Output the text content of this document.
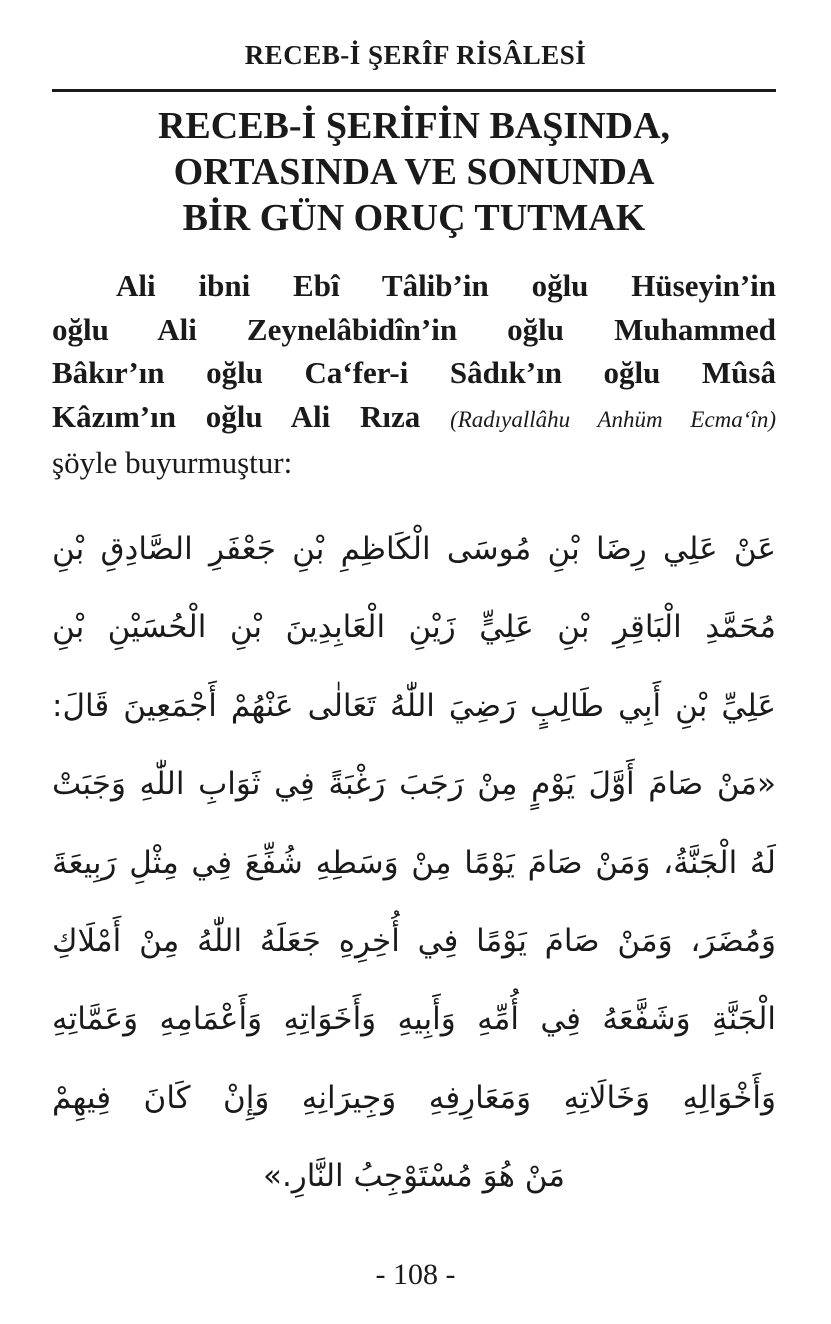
RECEB-İ ŞERÎF RİSÂLESİ
RECEB-İ ŞERİFİN BAŞINDA,
ORTASINDA VE SONUNDA
BİR GÜN ORUÇ TUTMAK
Ali ibni Ebî Tâlib’in oğlu Hüseyin’in
oğlu Ali Zeynelâbidîn’in oğlu Muhammed
Bâkır’ın oğlu Caʻfer-i Sâdık’ın oğlu Mûsâ
Kâzım’ın oğlu Ali Rıza (Radıyallâhu Anhüm Ecmaʻîn)
şöyle buyurmuştur:
عَنْ عَلِي رِضَا بْنِ مُوسَى الْكَاظِمِ بْنِ جَعْفَرِ الصَّادِقِ بْنِ
مُحَمَّدِ الْبَاقِرِ بْنِ عَلِيٍّ زَيْنِ الْعَابِدِينَ بْنِ الْحُسَيْنِ بْنِ
عَلِيِّ بْنِ أَبِي طَالِبٍ رَضِيَ اللّٰهُ تَعَالٰى عَنْهُمْ أَجْمَعِينَ قَالَ:
«مَنْ صَامَ أَوَّلَ يَوْمٍ مِنْ رَجَبَ رَغْبَةً فِي ثَوَابِ اللّٰهِ وَجَبَتْ
لَهُ الْجَنَّةُ، وَمَنْ صَامَ يَوْمًا مِنْ وَسَطِهِ شُفِّعَ فِي مِثْلِ رَبِيعَةَ
وَمُضَرَ، وَمَنْ صَامَ يَوْمًا فِي أُخِرِهِ جَعَلَهُ اللّٰهُ مِنْ أَمْلَاكِ
الْجَنَّةِ وَشَفَّعَهُ فِي أُمِّهِ وَأَبِيهِ وَأَخَوَاتِهِ وَأَعْمَامِهِ وَعَمَّاتِهِ
وَأَخْوَالِهِ وَخَالَاتِهِ وَمَعَارِفِهِ وَجِيرَانِهِ وَإِنْ كَانَ فِيهِمْ
مَنْ هُوَ مُسْتَوْجِبُ النَّارِ.»
- 108 -
